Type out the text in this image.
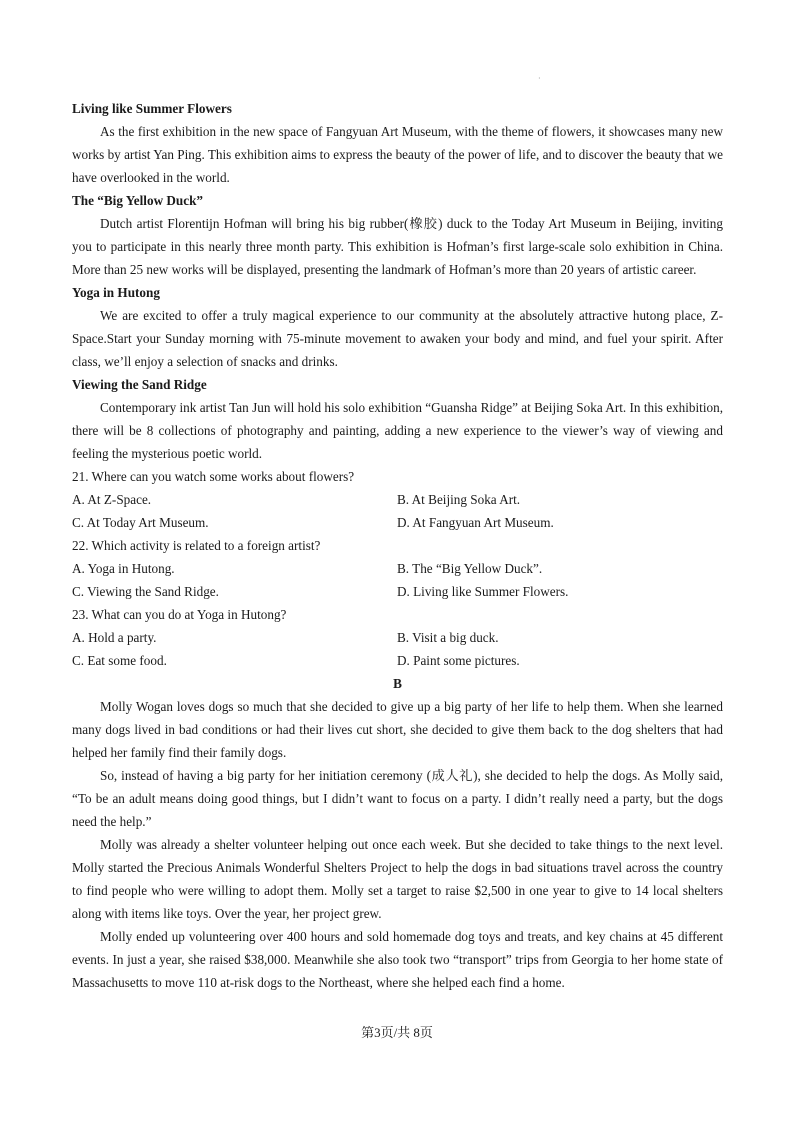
·

Living like Summer Flowers

As the first exhibition in the new space of Fangyuan Art Museum, with the theme of flowers, it showcases many new works by artist Yan Ping. This exhibition aims to express the beauty of the power of life, and to discover the beauty that we have overlooked in the world.

The “Big Yellow Duck”

Dutch artist Florentijn Hofman will bring his big rubber(橡胶) duck to the Today Art Museum in Beijing, inviting you to participate in this nearly three month party. This exhibition is Hofman’s first large-scale solo exhibition in China. More than 25 new works will be displayed, presenting the landmark of Hofman’s more than 20 years of artistic career.

Yoga in Hutong

We are excited to offer a truly magical experience to our community at the absolutely attractive hutong place, Z-Space.Start your Sunday morning with 75-minute movement to awaken your body and mind, and fuel your spirit. After class, we’ll enjoy a selection of snacks and drinks.

Viewing the Sand Ridge

Contemporary ink artist Tan Jun will hold his solo exhibition “Guansha Ridge” at Beijing Soka Art. In this exhibition, there will be 8 collections of photography and painting, adding a new experience to the viewer’s way of viewing and feeling the mysterious poetic world.

21. Where can you watch some works about flowers?

A. At Z-Space.	B. At Beijing Soka Art.
C. At Today Art Museum.	D. At Fangyuan Art Museum.

22. Which activity is related to a foreign artist?

A. Yoga in Hutong.	B. The “Big Yellow Duck”.
C. Viewing the Sand Ridge.	D. Living like Summer Flowers.

23. What can you do at Yoga in Hutong?

A. Hold a party.	B. Visit a big duck.
C. Eat some food.	D. Paint some pictures.

B

Molly Wogan loves dogs so much that she decided to give up a big party of her life to help them. When she learned many dogs lived in bad conditions or had their lives cut short, she decided to give them back to the dog shelters that had helped her family find their family dogs.

So, instead of having a big party for her initiation ceremony (成人礼), she decided to help the dogs. As Molly said, “To be an adult means doing good things, but I didn’t want to focus on a party. I didn’t really need a party, but the dogs need the help.”

Molly was already a shelter volunteer helping out once each week. But she decided to take things to the next level. Molly started the Precious Animals Wonderful Shelters Project to help the dogs in bad situations travel across the country to find people who were willing to adopt them. Molly set a target to raise $2,500 in one year to give to 14 local shelters along with items like toys. Over the year, her project grew.

Molly ended up volunteering over 400 hours and sold homemade dog toys and treats, and key chains at 45 different events. In just a year, she raised $38,000. Meanwhile she also took two “transport” trips from Georgia to her home state of Massachusetts to move 110 at-risk dogs to the Northeast, where she helped each find a home.

第3页/共 8页
